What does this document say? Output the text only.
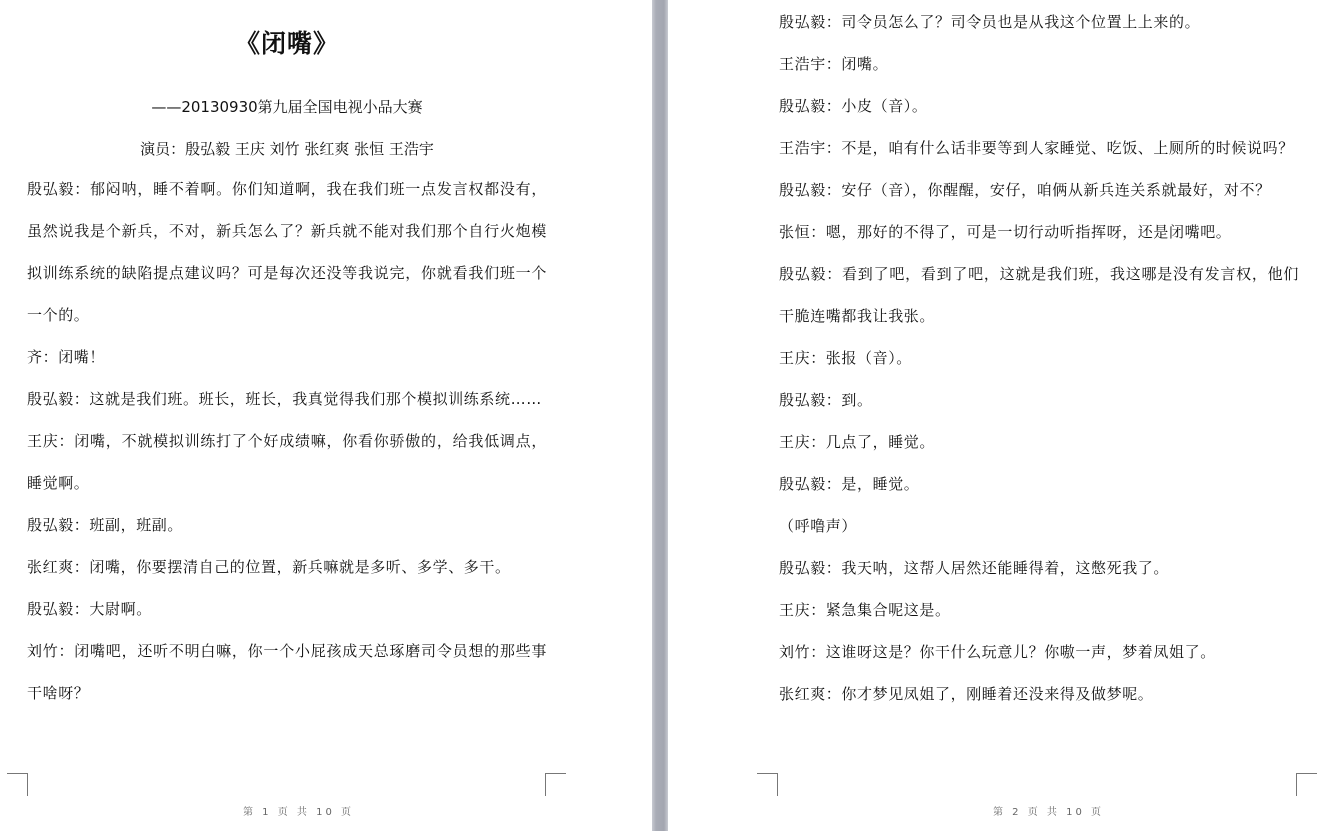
《闭嘴》
——20130930第九届全国电视小品大赛
演员：殷弘毅 王庆 刘竹 张红爽 张恒 王浩宇

殷弘毅：郁闷呐，睡不着啊。你们知道啊，我在我们班一点发言权都没有，虽然说我是个新兵，不对，新兵怎么了？新兵就不能对我们那个自行火炮模拟训练系统的缺陷提点建议吗？可是每次还没等我说完，你就看我们班一个一个的。

齐：闭嘴！

殷弘毅：这就是我们班。班长，班长，我真觉得我们那个模拟训练系统……

王庆：闭嘴，不就模拟训练打了个好成绩嘛，你看你骄傲的，给我低调点，睡觉啊。

殷弘毅：班副，班副。

张红爽：闭嘴，你要摆清自己的位置，新兵嘛就是多听、多学、多干。

殷弘毅：大尉啊。

刘竹：闭嘴吧，还听不明白嘛，你一个小屁孩成天总琢磨司令员想的那些事干啥呀？

第 1 页 共 10 页

殷弘毅：司令员怎么了？司令员也是从我这个位置上上来的。

王浩宇：闭嘴。

殷弘毅：小皮（音）。

王浩宇：不是，咱有什么话非要等到人家睡觉、吃饭、上厕所的时候说吗？

殷弘毅：安仔（音），你醒醒，安仔，咱俩从新兵连关系就最好，对不？

张恒：嗯，那好的不得了，可是一切行动听指挥呀，还是闭嘴吧。

殷弘毅：看到了吧，看到了吧，这就是我们班，我这哪是没有发言权，他们干脆连嘴都我让我张。

王庆：张报（音）。

殷弘毅：到。

王庆：几点了，睡觉。

殷弘毅：是，睡觉。

（呼噜声）

殷弘毅：我天呐，这帮人居然还能睡得着，这憋死我了。

王庆：紧急集合呢这是。

刘竹：这谁呀这是？你干什么玩意儿？你嗷一声，梦着凤姐了。

张红爽：你才梦见凤姐了，刚睡着还没来得及做梦呢。

第 2 页 共 10 页
